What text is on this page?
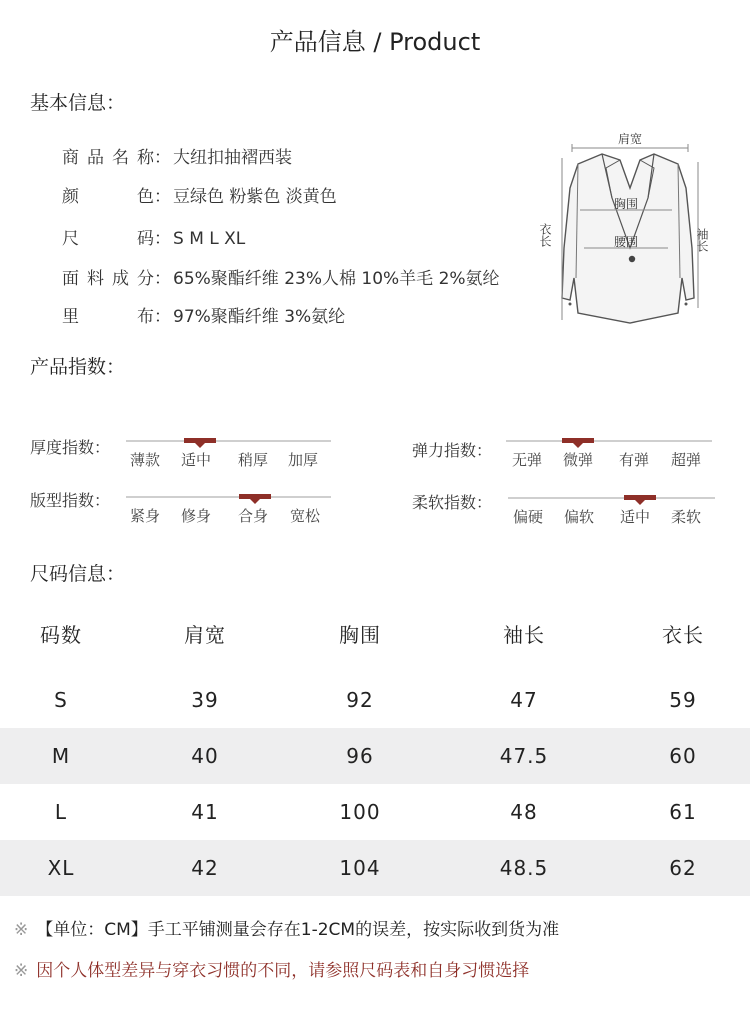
产品信息 / Product
基本信息：
商品名称： 大纽扣抽褶西装
颜色： 豆绿色 粉紫色 淡黄色
尺码： S M L XL
面料成分： 65%聚酯纤维 23%人棉 10%羊毛 2%氨纶
里布： 97%聚酯纤维 3%氨纶
肩宽
胸围
腰围
衣长	袖长
产品指数：
厚度指数：
薄款 适中 稍厚 加厚	弹力指数： 无弹 微弹 有弹 超弹
版型指数：
紧身 修身 合身 宽松
柔软指数：
偏硬 偏软 适中 柔软
尺码信息：
码数	肩宽	胸围	袖长	衣长

S	39	92	47	59
M	40	96	47.5	60
L	41	100	48	61
XL	42	104	48.5	62
※ 【单位：CM】手工平铺测量会存在1-2CM的误差，按实际收到货为准
※ 因个人体型差异与穿衣习惯的不同，请参照尺码表和自身习惯选择
